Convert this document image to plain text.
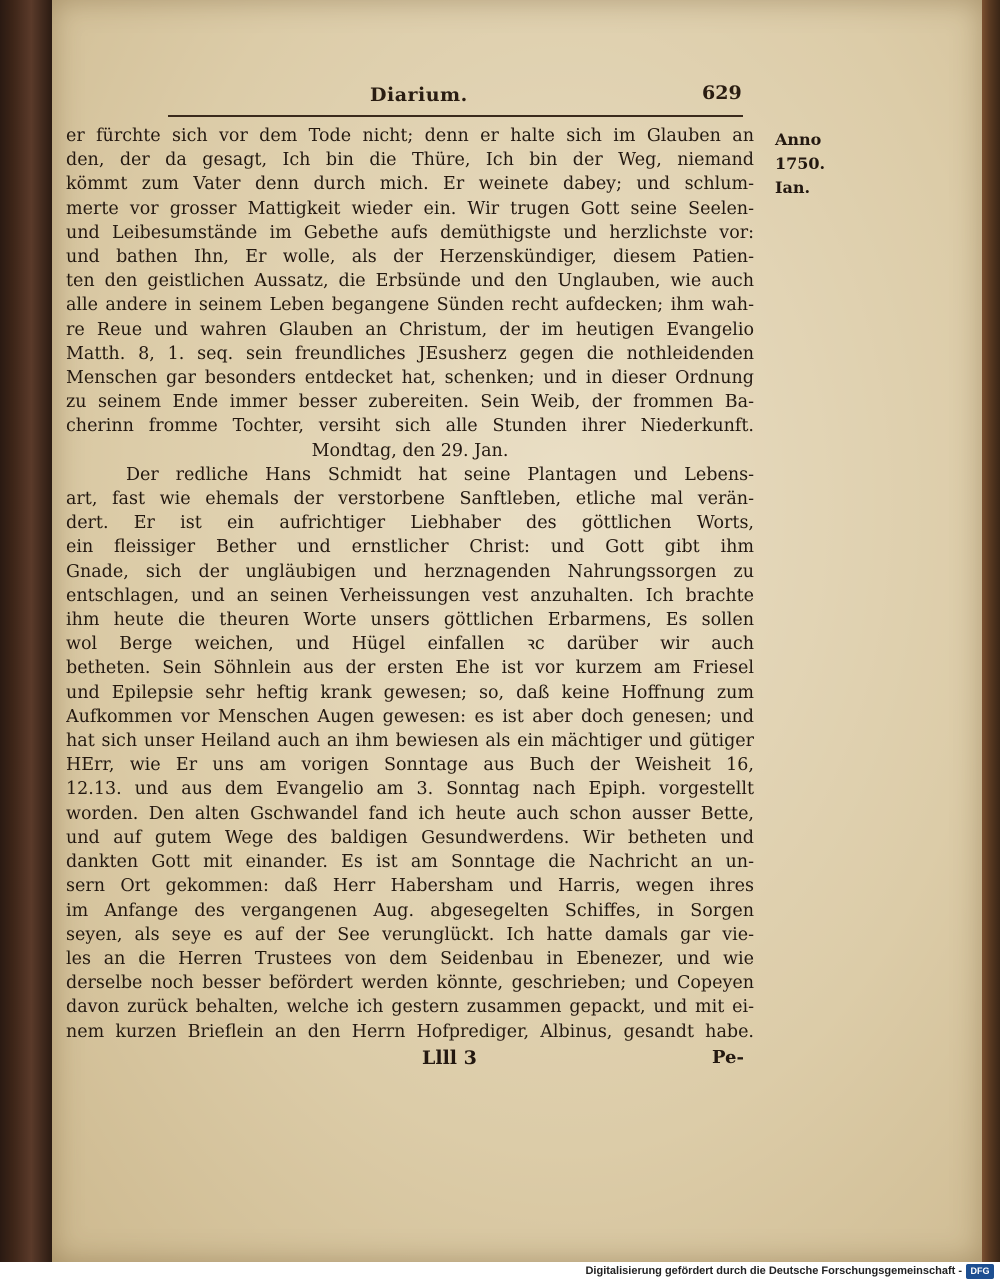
Diarium.	629
Anno
1750.
Ian.
er fürchte sich vor dem Tode nicht; denn er halte sich im Glauben an
den, der da gesagt, Ich bin die Thüre, Ich bin der Weg, niemand
kömmt zum Vater denn durch mich. Er weinete dabey; und schlum-
merte vor grosser Mattigkeit wieder ein. Wir trugen Gott seine Seelen-
und Leibesumstände im Gebethe aufs demüthigste und herzlichste vor:
und bathen Ihn, Er wolle, als der Herzenskündiger, diesem Patien-
ten den geistlichen Aussatz, die Erbsünde und den Unglauben, wie auch
alle andere in seinem Leben begangene Sünden recht aufdecken; ihm wah-
re Reue und wahren Glauben an Christum, der im heutigen Evangelio
Matth. 8, 1. seq. sein freundliches JEsusherz gegen die nothleidenden
Menschen gar besonders entdecket hat, schenken; und in dieser Ordnung
zu seinem Ende immer besser zubereiten. Sein Weib, der frommen Ba-
cherinn fromme Tochter, versiht sich alle Stunden ihrer Niederkunft.
Mondtag, den 29. Jan.
Der redliche Hans Schmidt hat seine Plantagen und Lebens-
art, fast wie ehemals der verstorbene Sanftleben, etliche mal verän-
dert. Er ist ein aufrichtiger Liebhaber des göttlichen Worts,
ein fleissiger Bether und ernstlicher Christ: und Gott gibt ihm
Gnade, sich der ungläubigen und herznagenden Nahrungssorgen zu
entschlagen, und an seinen Verheissungen vest anzuhalten. Ich brachte
ihm heute die theuren Worte unsers göttlichen Erbarmens, Es sollen
wol Berge weichen, und Hügel einfallen ꝛc darüber wir auch
betheten. Sein Söhnlein aus der ersten Ehe ist vor kurzem am Friesel
und Epilepsie sehr heftig krank gewesen; so, daß keine Hoffnung zum
Aufkommen vor Menschen Augen gewesen: es ist aber doch genesen; und
hat sich unser Heiland auch an ihm bewiesen als ein mächtiger und gütiger
HErr, wie Er uns am vorigen Sonntage aus Buch der Weisheit 16,
12.13. und aus dem Evangelio am 3. Sonntag nach Epiph. vorgestellt
worden. Den alten Gschwandel fand ich heute auch schon ausser Bette,
und auf gutem Wege des baldigen Gesundwerdens. Wir betheten und
dankten Gott mit einander. Es ist am Sonntage die Nachricht an un-
sern Ort gekommen: daß Herr Habersham und Harris, wegen ihres
im Anfange des vergangenen Aug. abgesegelten Schiffes, in Sorgen
seyen, als seye es auf der See verunglückt. Ich hatte damals gar vie-
les an die Herren Trustees von dem Seidenbau in Ebenezer, und wie
derselbe noch besser befördert werden könnte, geschrieben; und Copeyen
davon zurück behalten, welche ich gestern zusammen gepackt, und mit ei-
nem kurzen Brieflein an den Herrn Hofprediger, Albinus, gesandt habe.
Llll 3	Pe-
Digitalisierung gefördert durch die Deutsche Forschungsgemeinschaft - DFG
